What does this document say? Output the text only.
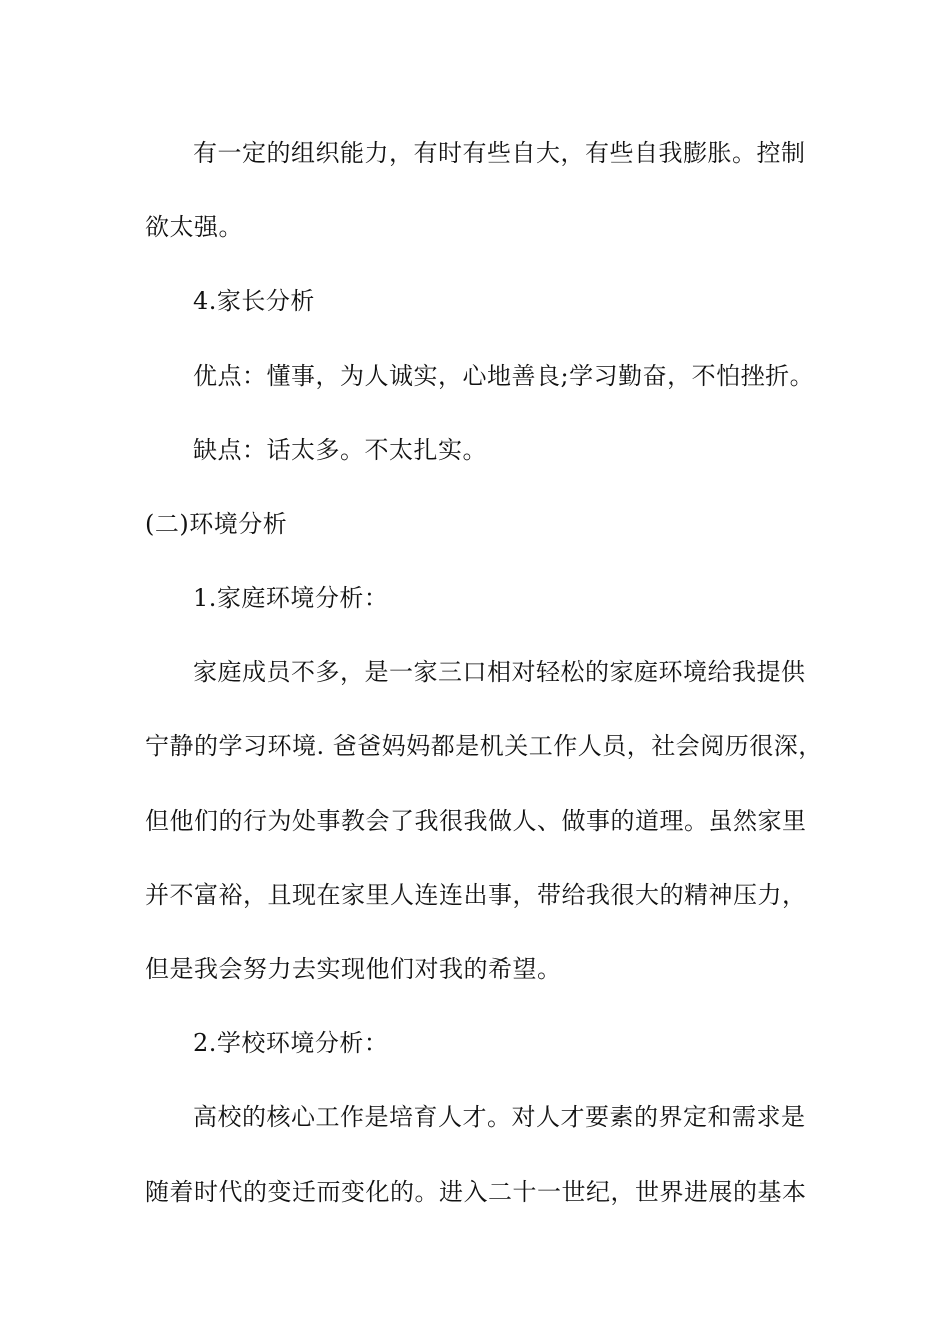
有一定的组织能力，有时有些自大，有些自我膨胀。控制
欲太强。
4.家长分析
优点：懂事，为人诚实，心地善良;学习勤奋，不怕挫折。
缺点：话太多。不太扎实。
(二)环境分析
1.家庭环境分析：
家庭成员不多，是一家三口相对轻松的家庭环境给我提供
宁静的学习环境. 爸爸妈妈都是机关工作人员，社会阅历很深，
但他们的行为处事教会了我很我做人、做事的道理。虽然家里
并不富裕，且现在家里人连连出事，带给我很大的精神压力，
但是我会努力去实现他们对我的希望。
2.学校环境分析：
高校的核心工作是培育人才。对人才要素的界定和需求是
随着时代的变迁而变化的。进入二十一世纪，世界进展的基本
